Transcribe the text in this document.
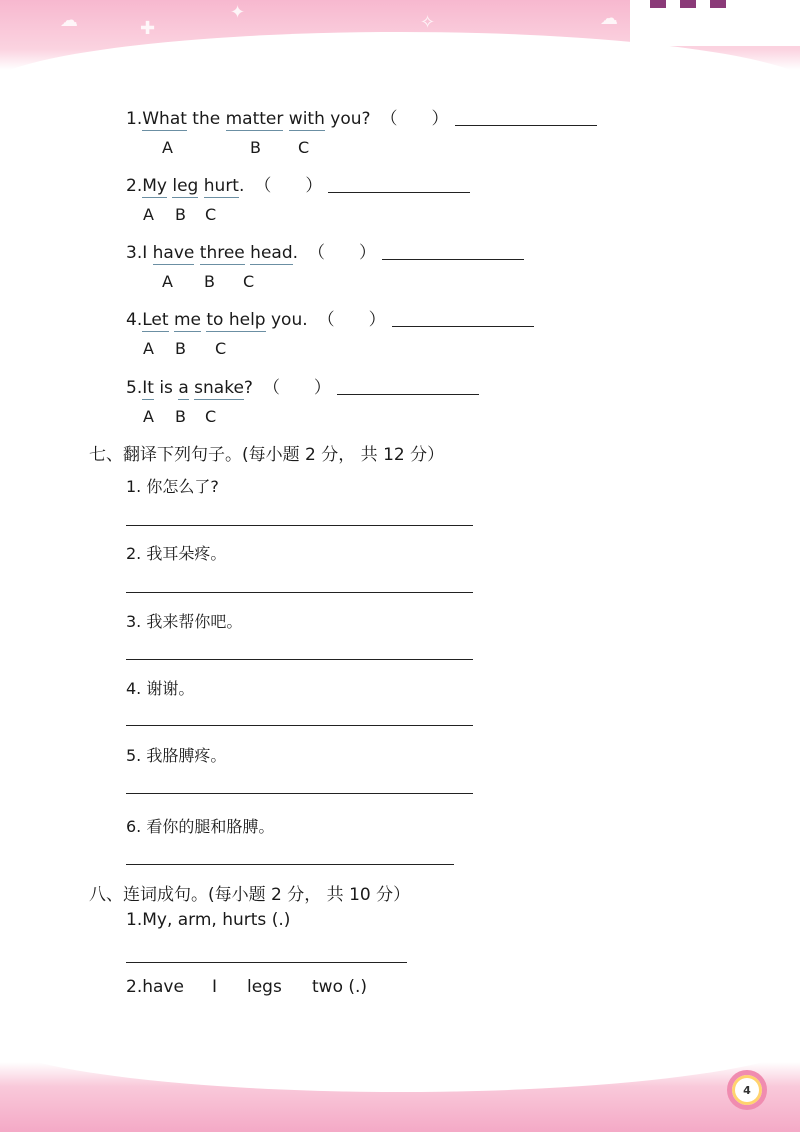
☁	✚
✦	✧	☁
4
1.What the matter with you? （　　）
A	B C
2.My leg hurt. （　　）
A B C
3.I have three head. （　　）
A B C
4.Let me to help you. （　　）
A B C
5.It is a snake? （　　）
A B C
七、翻译下列句子。(每小题 2 分， 共 12 分）
1. 你怎么了?
2. 我耳朵疼。
3. 我来帮你吧。
4. 谢谢。
5. 我胳膊疼。
6. 看你的腿和胳膊。
八、连词成句。(每小题 2 分， 共 10 分）
1.My, arm, hurts (.)
2.have I legs two (.)
